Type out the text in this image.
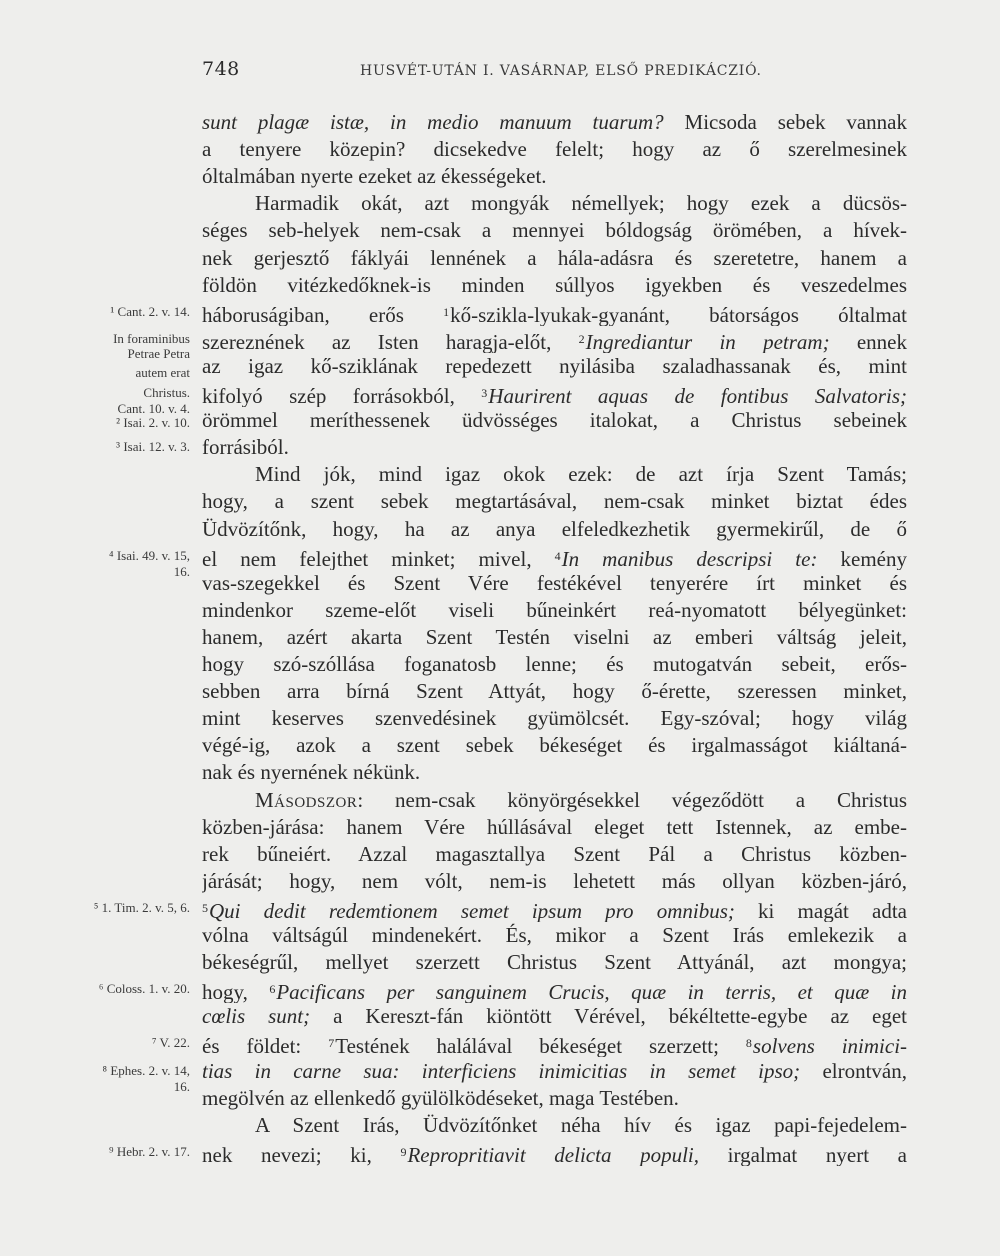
748	HUSVÉT-UTÁN I. VASÁRNAP, ELSŐ PREDIKÁCZIÓ.
sunt plagæ istæ, in medio manuum tuarum? Micsoda sebek vannak
a tenyere közepin? dicsekedve felelt; hogy az ő szerelmesinek
óltalmában nyerte ezeket az ékességeket.
Harmadik okát, azt mongyák némellyek; hogy ezek a dücsös-
séges seb-helyek nem-csak a mennyei bóldogság örömében, a hívek-
nek gerjesztő fáklyái lennének a hála-adásra és szeretetre, hanem a
földön vitézkedőknek-is minden súllyos igyekben és veszedelmes
háboruságiban, erős $^1$kő-szikla-lyukak-gyanánt, bátorságos óltalmat
szereznének az Isten haragja-előt, $^2$Ingrediantur in petram; ennek
az igaz kő-sziklának repedezett nyilásiba szaladhassanak és, mint
kifolyó szép forrásokból, $^3$Haurirent aquas de fontibus Salvatoris;
örömmel meríthessenek üdvösséges italokat, a Christus sebeinek
forrásiból.
Mind jók, mind igaz okok ezek: de azt írja Szent Tamás;
hogy, a szent sebek megtartásával, nem-csak minket biztat édes
Üdvözítőnk, hogy, ha az anya elfeledkezhetik gyermekirűl, de ő
el nem felejthet minket; mivel, $^4$In manibus descripsi te: kemény
vas-szegekkel és Szent Vére festékével tenyerére írt minket és
mindenkor szeme-előt viseli bűneinkért reá-nyomatott bélyegünket:
hanem, azért akarta Szent Testén viselni az emberi váltság jeleit,
hogy szó-szóllása foganatosb lenne; és mutogatván sebeit, erős-
sebben arra bírná Szent Attyát, hogy ő-érette, szeressen minket,
mint keserves szenvedésinek gyümölcsét. Egy-szóval; hogy világ
végé-ig, azok a szent sebek békeséget és irgalmasságot kiáltaná-
nak és nyernének nékünk.
Másodszor: nem-csak könyörgésekkel végeződött a Christus
közben-járása: hanem Vére húllásával eleget tett Istennek, az embe-
rek bűneiért. Azzal magasztallya Szent Pál a Christus közben-
járását; hogy, nem vólt, nem-is lehetett más ollyan közben-járó,
$^5$Qui dedit redemtionem semet ipsum pro omnibus; ki magát adta
vólna váltságúl mindenekért. És, mikor a Szent Irás emlekezik a
békeségrűl, mellyet szerzett Christus Szent Attyánál, azt mongya;
hogy, $^6$Pacificans per sanguinem Crucis, quæ in terris, et quæ in
cœlis sunt; a Kereszt-fán kiöntött Vérével, békéltette-egybe az eget
és földet: $^7$Testének halálával békeséget szerzett; $^8$solvens inimici-
tias in carne sua: interficiens inimicitias in semet ipso; elrontván,
megölvén az ellenkedő gyülölködéseket, maga Testében.
A Szent Irás, Üdvözítőnket néha hív és igaz papi-fejedelem-
nek nevezi; ki, $^9$Repropritiavit delicta populi, irgalmat nyert a
¹ Cant. 2. v. 14.
In foraminibus
Petrae Petra
autem erat
Christus.
Cant. 10. v. 4.
² Isai. 2. v. 10.
³ Isai. 12. v. 3.
⁴ Isai. 49. v. 15,
16.
⁵ 1. Tim. 2. v. 5, 6.
⁶ Coloss. 1. v. 20.
⁷ V. 22.
⁸ Ephes. 2. v. 14,
16.
⁹ Hebr. 2. v. 17.
